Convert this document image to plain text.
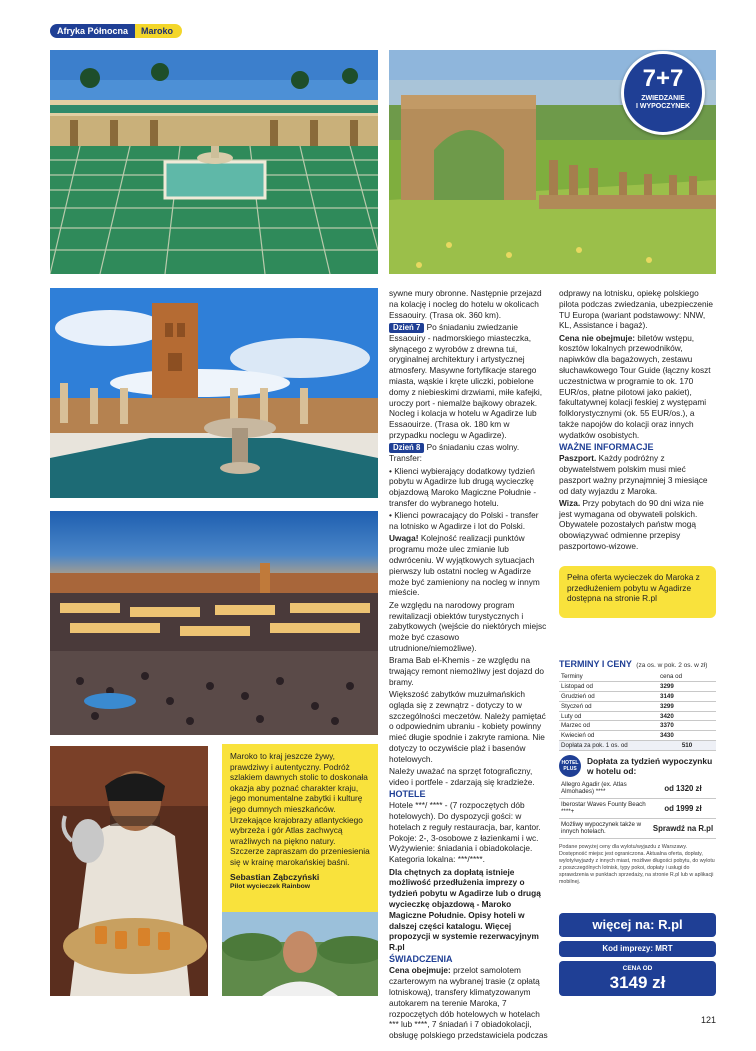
Afryka Północna	Maroko
7+7
ZWIEDZANIE
I WYPOCZYNEK

Maroko to kraj jeszcze żywy, prawdziwy i autentyczny. Podróż szlakiem dawnych stolic to doskonała okazja aby poznać charakter kraju, jego monumentalne zabytki i kulturę jego dumnych mieszkańców. Urzekające krajobrazy atlantyckiego wybrzeża i gór Atlas zachwycą wrażliwych na piękno natury. Szczerze zapraszam do przeniesienia się w krainę marokańskiej baśni.

Sebastian Ząbczyński

Pilot wycieczek Rainbow

sywne mury obronne. Następnie przejazd na kolację i nocleg do hotelu w okolicach Essaouiry. (Trasa ok. 360 km).

Dzień 7 Po śniadaniu zwiedzanie Essaouiry - nadmorskiego miasteczka, słynącego z wyrobów z drewna tui, oryginalnej architektury i artystycznej atmosfery. Masywne fortyfikacje starego miasta, wąskie i kręte uliczki, pobielone domy z niebieskimi drzwiami, miłe kafejki, uroczy port - niemalże bajkowy obrazek. Nocleg i kolacja w hotelu w Agadirze lub Essaouirze. (Trasa ok. 180 km w przypadku noclegu w Agadirze).

Dzień 8 Po śniadaniu czas wolny. Transfer:

• Klienci wybierający dodatkowy tydzień pobytu w Agadirze lub drugą wycieczkę objazdową Maroko Magiczne Południe - transfer do wybranego hotelu.

• Klienci powracający do Polski - transfer na lotnisko w Agadirze i lot do Polski.

Uwaga! Kolejność realizacji punktów programu może ulec zmianie lub odwróceniu. W wyjątkowych sytuacjach pierwszy lub ostatni nocleg w Agadirze może być zamieniony na nocleg w innym mieście.

Ze względu na narodowy program rewitalizacji obiektów turystycznych i zabytkowych (wejście do niektórych miejsc może być czasowo utrudnione/niemożliwe).

Brama Bab el-Khemis - ze względu na trwający remont niemożliwy jest dojazd do bramy.

Większość zabytków muzułmańskich ogląda się z zewnątrz - dotyczy to w szczególności meczetów. Należy pamiętać o odpowiednim ubraniu - kobiety powinny mieć długie spodnie i zakryte ramiona. Nie dotyczy to oczywiście plaż i basenów hotelowych.

Należy uważać na sprzęt fotograficzny, video i portfele - zdarzają się kradzieże.

HOTELE

Hotele ***/ **** - (7 rozpoczętych dób hotelowych). Do dyspozycji gości: w hotelach z reguły restauracja, bar, kantor. Pokoje: 2-, 3-osobowe z łazienkami i wc. Wyżywienie: śniadania i obiadokolacje. Kategoria lokalna: ***/****.

Dla chętnych za dopłatą istnieje możliwość przedłużenia imprezy o tydzień pobytu w Agadirze lub o drugą wycieczkę objazdową - Maroko Magiczne Południe. Opisy hoteli w dalszej części katalogu. Więcej propozycji w systemie rezerwacyjnym R.pl

ŚWIADCZENIA

Cena obejmuje: przelot samolotem czarterowym na wybranej trasie (z opłatą lotniskową), transfery klimatyzowanym autokarem na terenie Maroka, 7 rozpoczętych dób hotelowych w hotelach *** lub ****, 7 śniadań i 7 obiadokolacji, obsługę polskiego przedstawiciela podczas

odprawy na lotnisku, opiekę polskiego pilota podczas zwiedzania, ubezpieczenie TU Europa (wariant podstawowy: NNW, KL, Assistance i bagaż).

Cena nie obejmuje: biletów wstępu, kosztów lokalnych przewodników, napiwków dla bagażowych, zestawu słuchawkowego Tour Guide (łączny koszt uczestnictwa w programie to ok. 170 EUR/os, płatne pilotowi jako pakiet), fakultatywnej kolacji feskiej z występami folklorystycznymi (ok. 55 EUR/os.), a także napojów do kolacji oraz innych wydatków osobistych.

WAŻNE INFORMACJE

Paszport. Każdy podróżny z obywatelstwem polskim musi mieć paszport ważny przynajmniej 3 miesiące od daty wyjazdu z Maroka.

Wiza. Przy pobytach do 90 dni wiza nie jest wymagana od obywateli polskich. Obywatele pozostałych państw mogą obowiązywać odmienne przepisy paszportowo-wizowe.

Pełna oferta wycieczek do Maroka z przedłużeniem pobytu w Agadirze dostępna na stronie R.pl
TERMINY I CENY (za os. w pok. 2 os. w zł)
Terminy	cena od
Listopad od	3299
Grudzień od	3149
Styczeń od	3299
Luty od	3420
Marzec od	3370
Kwiecień od	3430
Dopłata za pok. 1 os. od	510
HOTEL
PLUS
Dopłata za tydzień wypoczynku w hotelu od:
Allegro Agadir (ex. Atlas Almohades) ****	od 1320 zł
Iberostar Waves Founty Beach ****+	od 1999 zł
Możliwy wypoczynek także w innych hotelach.	Sprawdź na R.pl

Podane powyżej ceny dla wylotu/wyjazdu z Warszawy. Dostępność miejsc jest ograniczona. Aktualna oferta, dopłaty, wyloty/wyjazdy z innych miast, możliwe długości pobytu, do wylotu z poszczególnych lotnisk, typy pokoi, dopłaty i usługi do sprawdzenia w punktach sprzedaży, na stronie R.pl lub w aplikacji mobilnej.

więcej na: R.pl
Kod imprezy: MRT
CENA OD
3149 zł
121
